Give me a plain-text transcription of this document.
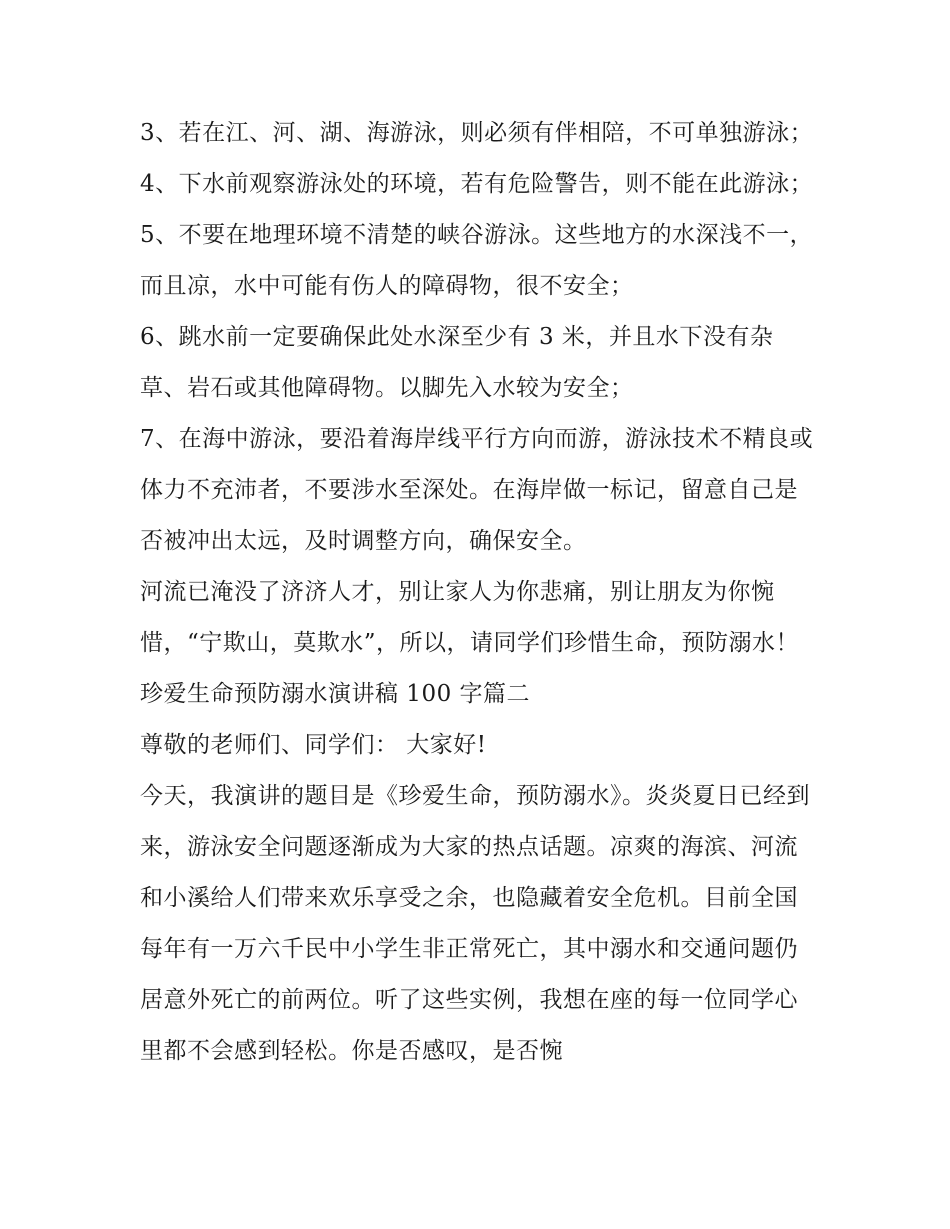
3、若在江、河、湖、海游泳，则必须有伴相陪，不可单独游泳； 4、下水前观察游泳处的环境，若有危险警告，则不能在此游泳；

5、不要在地理环境不清楚的峡谷游泳。这些地方的水深浅不一，而且凉，水中可能有伤人的障碍物，很不安全；

6、跳水前一定要确保此处水深至少有 3 米，并且水下没有杂草、岩石或其他障碍物。以脚先入水较为安全；

7、在海中游泳，要沿着海岸线平行方向而游，游泳技术不精良或体力不充沛者，不要涉水至深处。在海岸做一标记，留意自己是否被冲出太远，及时调整方向，确保安全。

河流已淹没了济济人才，别让家人为你悲痛，别让朋友为你惋惜，“宁欺山，莫欺水”，所以，请同学们珍惜生命，预防溺水！ 珍爱生命预防溺水演讲稿 100 字篇二

尊敬的老师们、同学们： 大家好!

今天，我演讲的题目是《珍爱生命，预防溺水》。炎炎夏日已经到来，游泳安全问题逐渐成为大家的热点话题。凉爽的海滨、河流和小溪给人们带来欢乐享受之余，也隐藏着安全危机。目前全国每年有一万六千民中小学生非正常死亡，其中溺水和交通问题仍居意外死亡的前两位。听了这些实例，我想在座的每一位同学心里都不会感到轻松。你是否感叹，是否惋
